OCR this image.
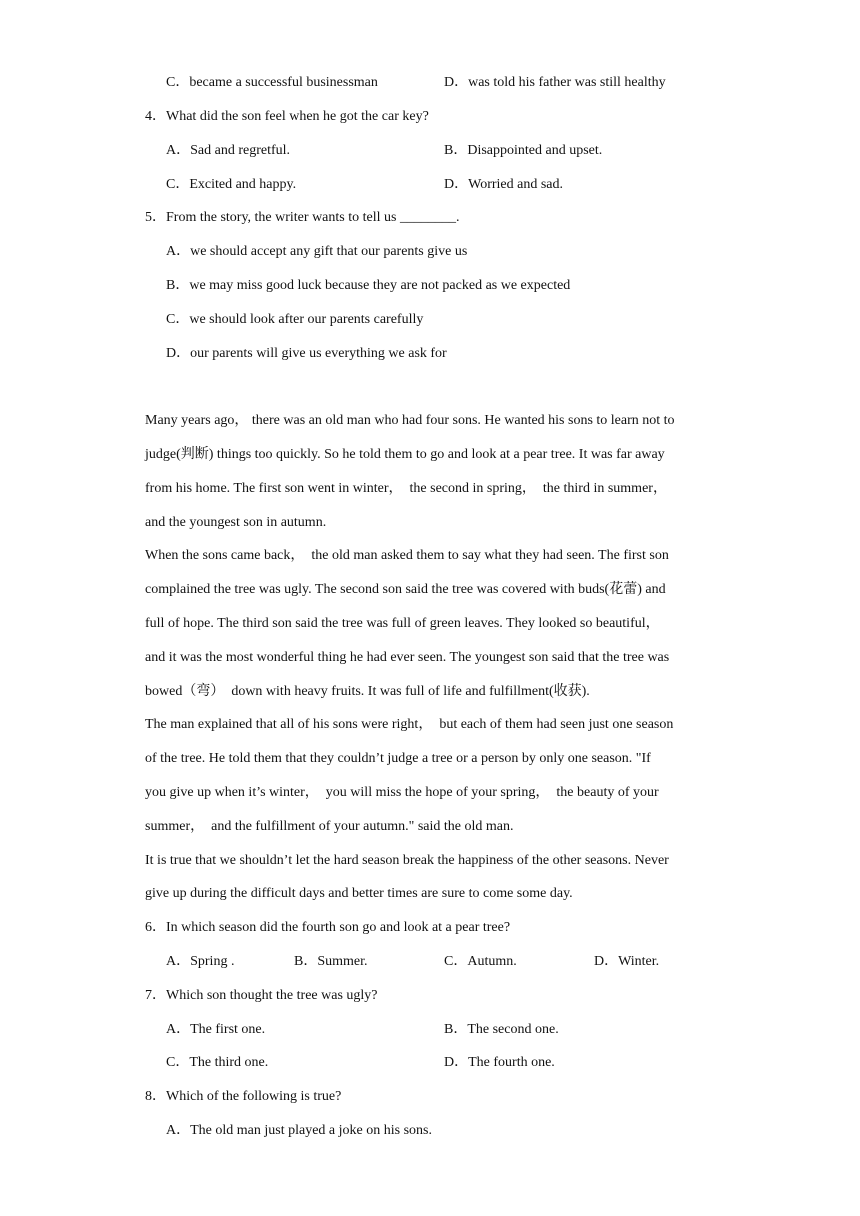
C．became a successful businessman	D．was told his father was still healthy
4．What did the son feel when he got the car key?
A．Sad and regretful.	B．Disappointed and upset.
C．Excited and happy.	D．Worried and sad.
5．From the story, the writer wants to tell us ________.
A．we should accept any gift that our parents give us
B．we may miss good luck because they are not packed as we expected
C．we should look after our parents carefully
D．our parents will give us everything we ask for
Many years ago， there was an old man who had four sons. He wanted his sons to learn not to
judge(判断) things too quickly. So he told them to go and look at a pear tree. It was far away
from his home. The first son went in winter，  the second in spring，  the third in summer，
and the youngest son in autumn.
When the sons came back，  the old man asked them to say what they had seen. The first son
complained the tree was ugly. The second son said the tree was covered with buds(花蕾) and
full of hope. The third son said the tree was full of green leaves. They looked so beautiful，
and it was the most wonderful thing he had ever seen. The youngest son said that the tree was
bowed（弯）  down with heavy fruits. It was full of life and fulfillment(收获).
The man explained that all of his sons were right，  but each of them had seen just one season
of the tree. He told them that they couldn’t judge a tree or a person by only one season. "If
you give up when it’s winter，  you will miss the hope of your spring，  the beauty of your
summer，  and the fulfillment of your autumn." said the old man.
It is true that we shouldn’t let the hard season break the happiness of the other seasons. Never
give up during the difficult days and better times are sure to come some day.
6．In which season did the fourth son go and look at a pear tree?
A．Spring .	B．Summer.	C．Autumn.	D．Winter.
7．Which son thought the tree was ugly?
A．The first one.	B．The second one.
C．The third one.	D．The fourth one.
8．Which of the following is true?
A．The old man just played a joke on his sons.
